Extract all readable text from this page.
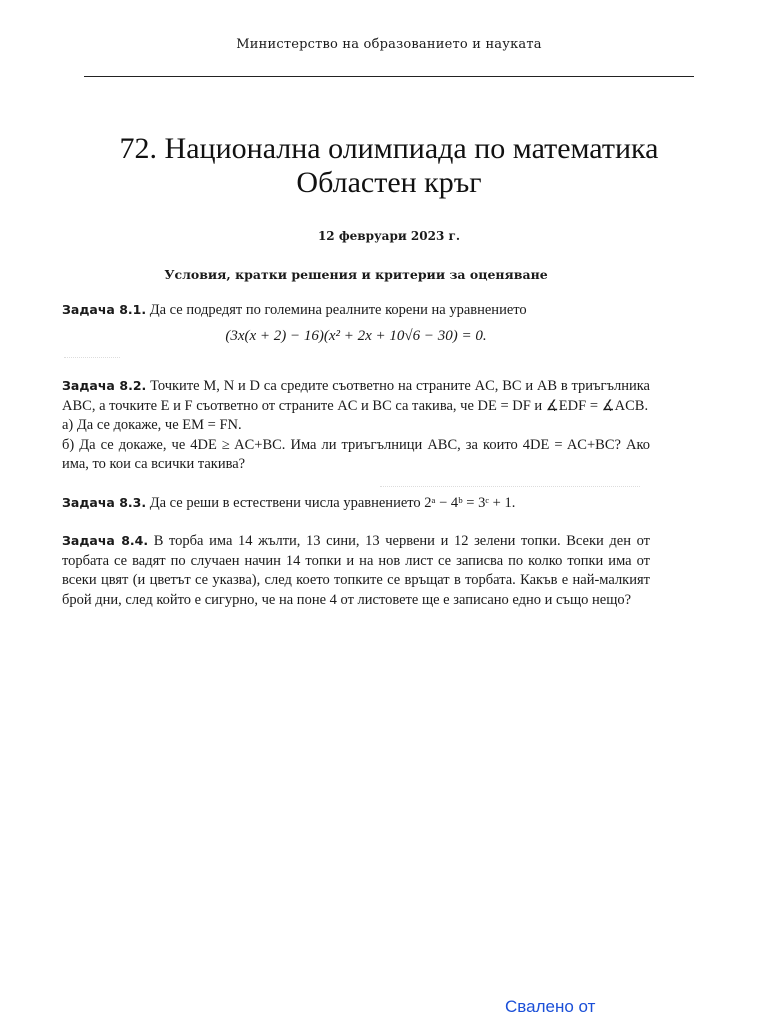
Министерство на образованието и науката
72. Национална олимпиада по математика
Областен кръг
12 февруари 2023 г.
Условия, кратки решения и критерии за оценяване

Задача 8.1. Да се подредят по големина реалните корени на уравнението

(3x(x + 2) − 16)(x² + 2x + 10√6 − 30) = 0.

Задача 8.2. Точките M, N и D са средите съответно на страните AC, BC и AB в триъгълника ABC, а точките E и F съответно от страните AC и BC са такива, че DE = DF и ∡EDF = ∡ACB.

а) Да се докаже, че EM = FN.

б) Да се докаже, че 4DE ≥ AC+BC. Има ли триъгълници ABC, за които 4DE = AC+BC? Ако има, то кои са всички такива?

Задача 8.3. Да се реши в естествени числа уравнението 2ᵃ − 4ᵇ = 3ᶜ + 1.

Задача 8.4. В торба има 14 жълти, 13 сини, 13 червени и 12 зелени топки. Всеки ден от торбата се вадят по случаен начин 14 топки и на нов лист се записва по колко топки има от всеки цвят (и цветът се указва), след което топките се връщат в торбата. Какъв е най-малкият брой дни, след който е сигурно, че на поне 4 от листовете ще е записано едно и също нещо?

Свалено от
